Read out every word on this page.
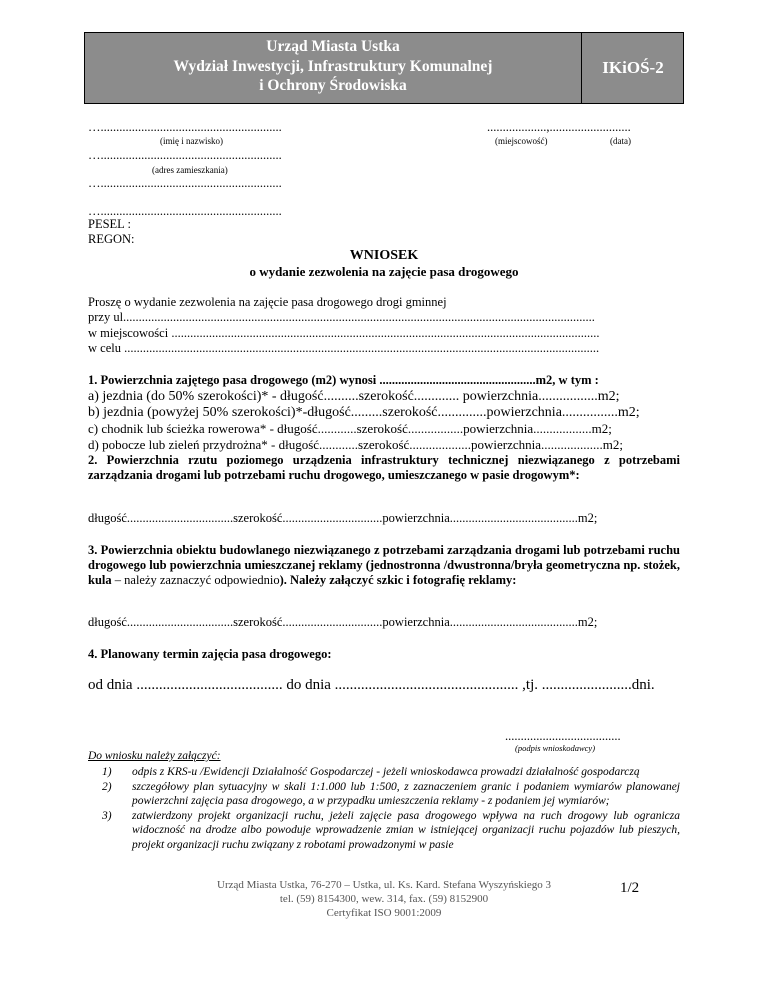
Urząd Miasta Ustka
Wydział Inwestycji, Infrastruktury Komunalnej
i Ochrony Środowiska
IKiOŚ-2
…..........................................................
(imię i nazwisko)
…..........................................................
(adres zamieszkania)
…..........................................................
…..........................................................
PESEL :
REGON:
...................,..........................
(miejscowość)	(data)
WNIOSEK
o wydanie zezwolenia na zajęcie pasa drogowego
Proszę o wydanie zezwolenia na zajęcie pasa drogowego drogi gminnej
przy ul.......................................................................................................................................................
w miejscowości .........................................................................................................................................
w celu ........................................................................................................................................................
1. Powierzchnia zajętego pasa drogowego (m2) wynosi ..................................................m2, w tym :
a) jezdnia (do 50% szerokości)* - długość..........szerokość............. powierzchnia.................m2;
b) jezdnia (powyżej 50% szerokości)*-długość.........szerokość..............powierzchnia................m2;
c) chodnik lub ścieżka rowerowa* - długość............szerokość.................powierzchnia..................m2;
d) pobocze lub zieleń przydrożna* - długość............szerokość...................powierzchnia...................m2;
2. Powierzchnia rzutu poziomego urządzenia infrastruktury technicznej niezwiązanego z potrzebami zarządzania drogami lub potrzebami ruchu drogowego, umieszczanego w pasie drogowym*:
długość..................................szerokość................................powierzchnia.........................................m2;
3. Powierzchnia obiektu budowlanego niezwiązanego z potrzebami zarządzania drogami lub potrzebami ruchu drogowego lub powierzchnia umieszczanej reklamy (jednostronna /dwustronna/bryła geometryczna np. stożek, kula – należy zaznaczyć odpowiednio). Należy załączyć szkic i fotografię reklamy:
długość..................................szerokość................................powierzchnia.........................................m2;
4. Planowany termin zajęcia pasa drogowego:
od dnia ....................................... do dnia ................................................. ,tj. ........................dni.
.....................................
(podpis wnioskodawcy)
Do wniosku należy załączyć:
1) odpis z KRS-u /Ewidencji Działalność Gospodarczej - jeżeli wnioskodawca prowadzi działalność gospodarczą
2) szczegółowy plan sytuacyjny w skali 1:1.000 lub 1:500, z zaznaczeniem granic i podaniem wymiarów planowanej powierzchni zajęcia pasa drogowego, a w przypadku umieszczenia reklamy - z podaniem jej wymiarów;
3) zatwierdzony projekt organizacji ruchu, jeżeli zajęcie pasa drogowego wpływa na ruch drogowy lub ogranicza widoczność na drodze albo powoduje wprowadzenie zmian w istniejącej organizacji ruchu pojazdów lub pieszych, projekt organizacji ruchu związany z robotami prowadzonymi w pasie
Urząd Miasta Ustka, 76-270 – Ustka, ul. Ks. Kard. Stefana Wyszyńskiego 3
tel. (59) 8154300, wew. 314, fax. (59) 8152900
Certyfikat ISO 9001:2009
1/2
